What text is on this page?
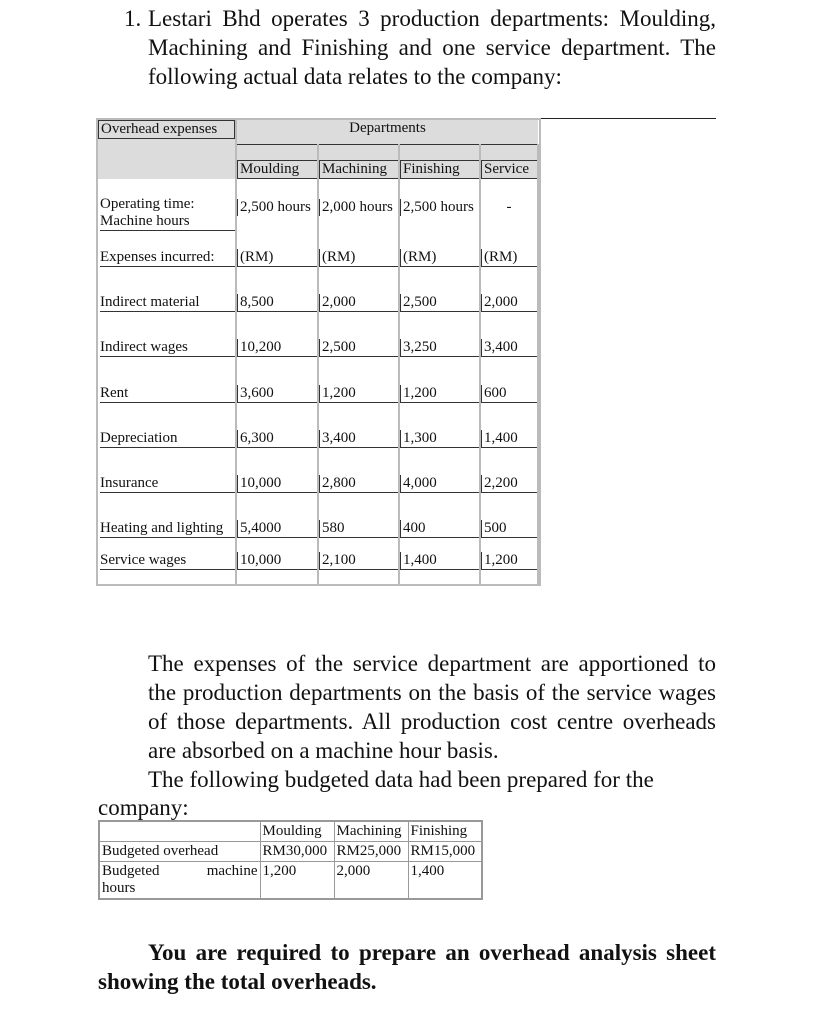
1. Lestari Bhd operates 3 production departments: Moulding, Machining and Finishing and one service department. The following actual data relates to the company:
Overhead expenses	Departments			
	Moulding	Machining	Finishing	Service

Operating time:
Machine hours	2,500 hours	2,000 hours	2,500 hours	-
Expenses incurred:	(RM)	(RM)	(RM)	(RM)
Indirect material	8,500	2,000	2,500	2,000
Indirect wages	10,200	2,500	3,250	3,400
Rent	3,600	1,200	1,200	600
Depreciation	6,300	3,400	1,300	1,400
Insurance	10,000	2,800	4,000	2,200
Heating and lighting	5,4000	580	400	500
Service wages	10,000	2,100	1,400	1,200
The expenses of the service department are apportioned to the production departments on the basis of the service wages of those departments. All production cost centre overheads are absorbed on a machine hour basis.
The following budgeted data had been prepared for the
company:
	Moulding	Machining	Finishing
Budgeted overhead	RM30,000	RM25,000	RM15,000

Budgeted machine
hours	1,200	2,000	1,400
You are required to prepare an overhead analysis sheet showing the total overheads.
